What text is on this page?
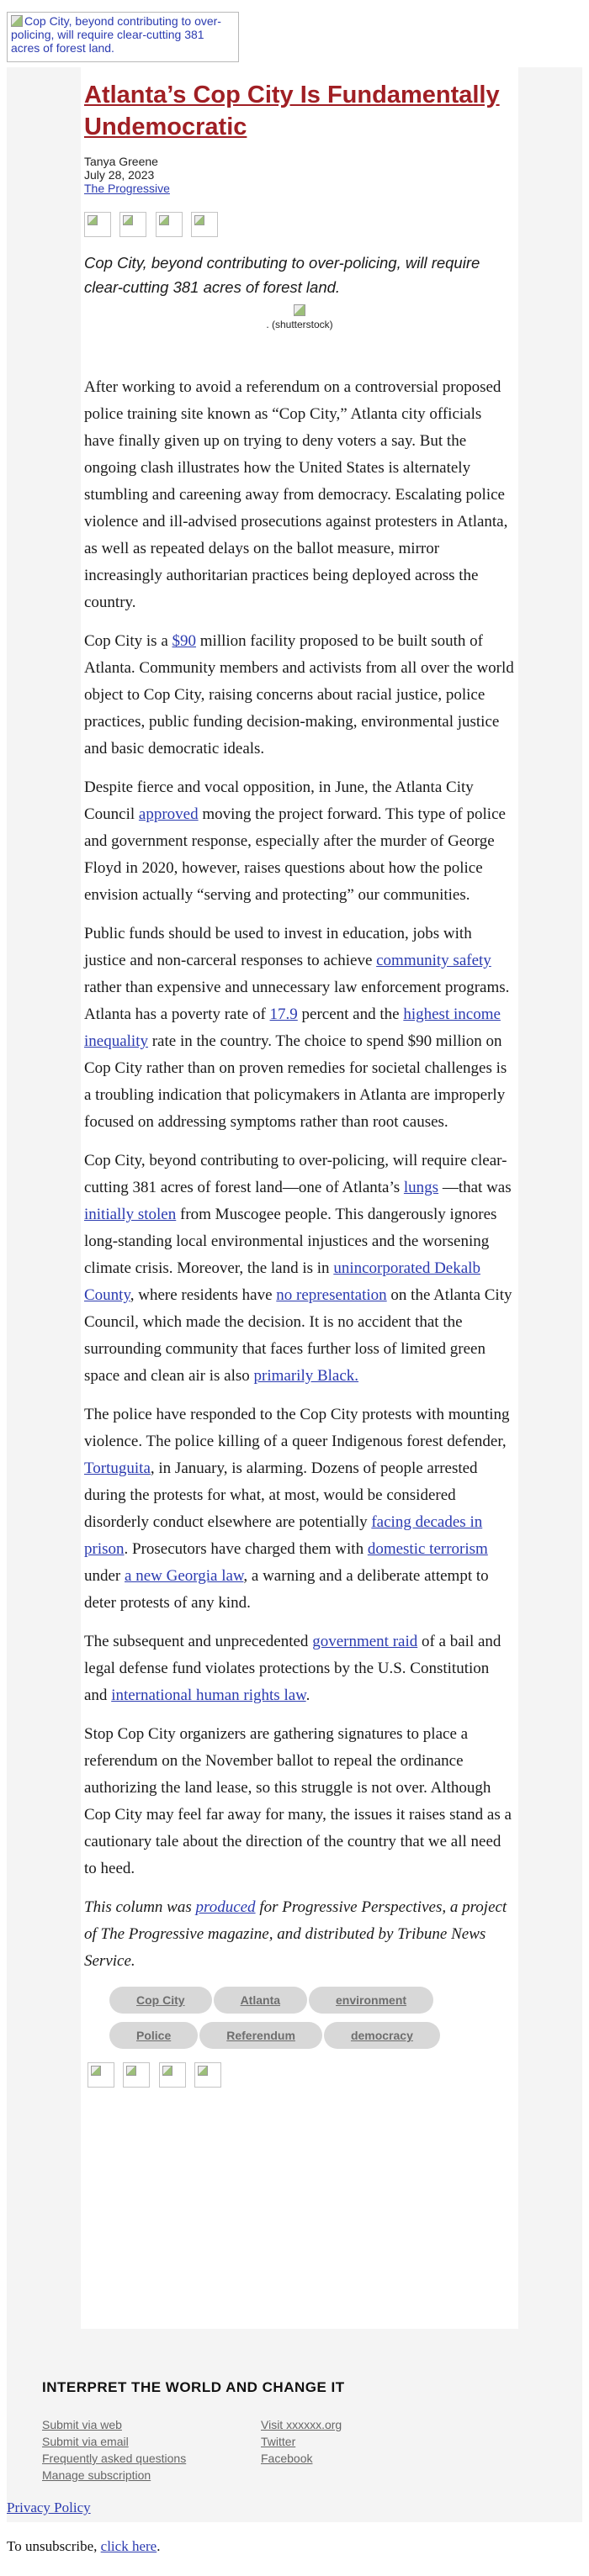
Cop City, beyond contributing to over-policing, will require clear-cutting 381 acres of forest land.
Atlanta’s Cop City Is Fundamentally Undemocratic
Tanya Greene
July 28, 2023
The Progressive

Cop City, beyond contributing to over-policing, will require clear-cutting 381 acres of forest land.

. (shutterstock)

After working to avoid a referendum on a controversial proposed police training site known as “Cop City,” Atlanta city officials have finally given up on trying to deny voters a say. But the ongoing clash illustrates how the United States is alternately stumbling and careening away from democracy. Escalating police violence and ill-advised prosecutions against protesters in Atlanta, as well as repeated delays on the ballot measure, mirror increasingly authoritarian practices being deployed across the country.

Cop City is a $90 million facility proposed to be built south of Atlanta. Community members and activists from all over the world object to Cop City, raising concerns about racial justice, police practices, public funding decision-making, environmental justice and basic democratic ideals.

Despite fierce and vocal opposition, in June, the Atlanta City Council approved moving the project forward. This type of police and government response, especially after the murder of George Floyd in 2020, however, raises questions about how the police envision actually “serving and protecting” our communities.

Public funds should be used to invest in education, jobs with justice and non-carceral responses to achieve community safety rather than expensive and unnecessary law enforcement programs. Atlanta has a poverty rate of 17.9 percent and the highest income inequality rate in the country. The choice to spend $90 million on Cop City rather than on proven remedies for societal challenges is a troubling indication that policymakers in Atlanta are improperly focused on addressing symptoms rather than root causes.

Cop City, beyond contributing to over-policing, will require clear-cutting 381 acres of forest land—one of Atlanta’s lungs —that was initially stolen from Muscogee people. This dangerously ignores long-standing local environmental injustices and the worsening climate crisis. Moreover, the land is in unincorporated Dekalb County, where residents have no representation on the Atlanta City Council, which made the decision. It is no accident that the surrounding community that faces further loss of limited green space and clean air is also primarily Black.

The police have responded to the Cop City protests with mounting violence. The police killing of a queer Indigenous forest defender, Tortuguita, in January, is alarming. Dozens of people arrested during the protests for what, at most, would be considered disorderly conduct elsewhere are potentially facing decades in prison. Prosecutors have charged them with domestic terrorism under a new Georgia law, a warning and a deliberate attempt to deter protests of any kind.

The subsequent and unprecedented government raid of a bail and legal defense fund violates protections by the U.S. Constitution and international human rights law.

Stop Cop City organizers are gathering signatures to place a referendum on the November ballot to repeal the ordinance authorizing the land lease, so this struggle is not over. Although Cop City may feel far away for many, the issues it raises stand as a cautionary tale about the direction of the country that we all need to heed.

This column was produced for Progressive Perspectives, a project of The Progressive magazine, and distributed by Tribune News Service.

Cop City	Atlanta	environmentPolice	Referendum	democracy

INTERPRET THE WORLD AND CHANGE IT
Submit via web
Submit via email
Frequently asked questions
Manage subscription
Visit xxxxxx.org
Twitter
Facebook

Privacy Policy

To unsubscribe, click here.
